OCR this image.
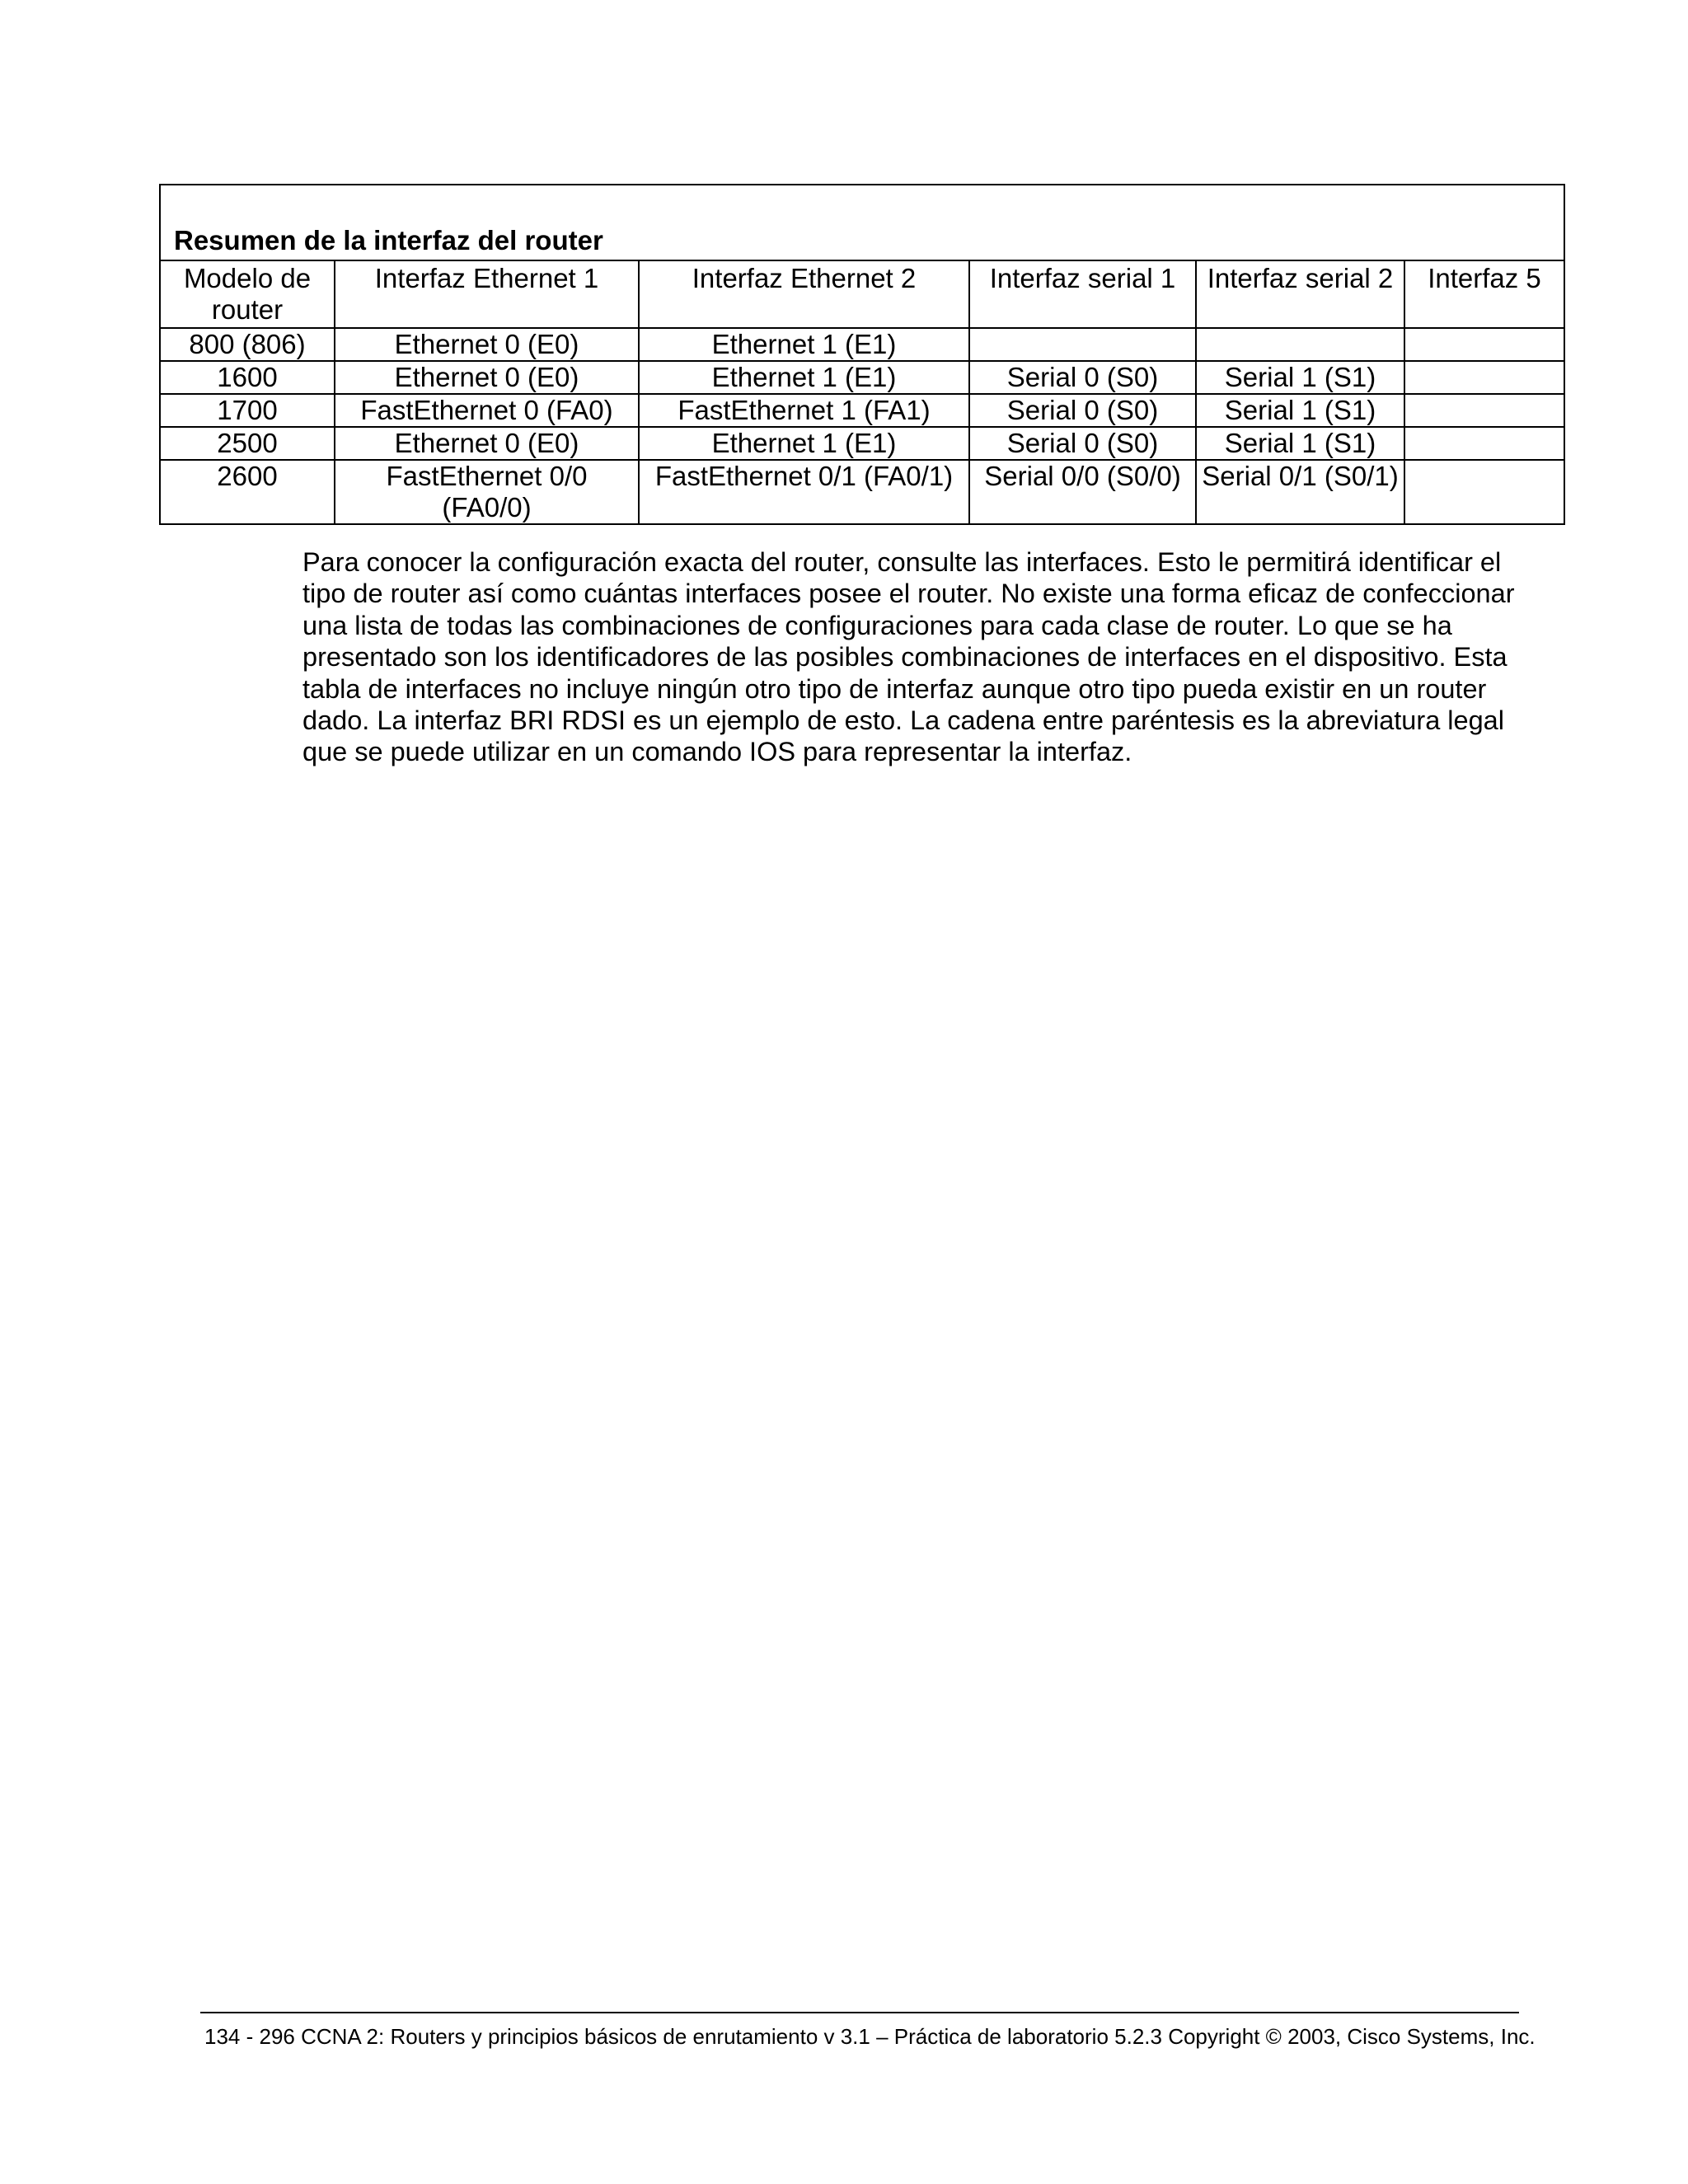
Resumen de la interfaz del router					
Modelo de router	Interfaz Ethernet 1	Interfaz Ethernet 2	Interfaz serial 1	Interfaz serial 2	Interfaz 5
800 (806)	Ethernet 0 (E0)	Ethernet 1 (E1)			
1600	Ethernet 0 (E0)	Ethernet 1 (E1)	Serial 0 (S0)	Serial 1 (S1)	
1700	FastEthernet 0 (FA0)	FastEthernet 1 (FA1)	Serial 0 (S0)	Serial 1 (S1)	
2500	Ethernet 0 (E0)	Ethernet 1 (E1)	Serial 0 (S0)	Serial 1 (S1)	
2600	FastEthernet 0/0 (FA0/0)	FastEthernet 0/1 (FA0/1)	Serial 0/0 (S0/0)	Serial 0/1 (S0/1)	

Para conocer la configuración exacta del router, consulte las interfaces. Esto le permitirá identificar el tipo de router así como cuántas interfaces posee el router. No existe una forma eficaz de confeccionar una lista de todas las combinaciones de configuraciones para cada clase de router. Lo que se ha presentado son los identificadores de las posibles combinaciones de interfaces en el dispositivo. Esta tabla de interfaces no incluye ningún otro tipo de interfaz aunque otro tipo pueda existir en un router dado. La interfaz BRI RDSI es un ejemplo de esto. La cadena entre paréntesis es la abreviatura legal que se puede utilizar en un comando IOS para representar la interfaz.

134 - 296 CCNA 2: Routers y principios básicos de enrutamiento v 3.1 – Práctica de laboratorio 5.2.3 Copyright © 2003, Cisco Systems, Inc.
